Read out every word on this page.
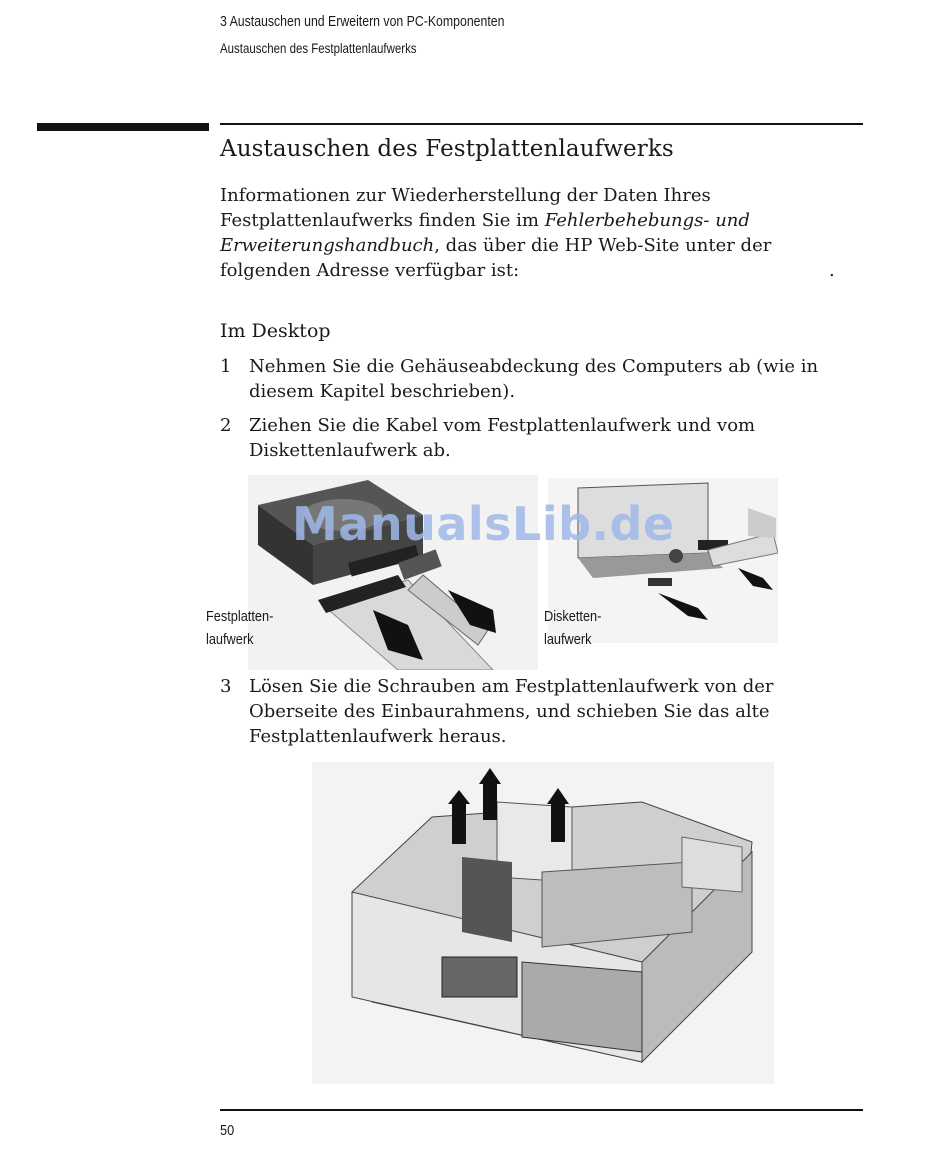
3 Austauschen und Erweitern von PC-Komponenten
Austauschen des Festplattenlaufwerks
Austauschen des Festplattenlaufwerks

Informationen zur Wiederherstellung der Daten Ihres Festplattenlaufwerks finden Sie im Fehlerbehebungs- und Erweiterungshandbuch, das über die HP Web-Site unter der folgenden Adresse verfügbar ist:	.

Im Desktop
1 Nehmen Sie die Gehäuseabdeckung des Computers ab (wie in diesem Kapitel beschrieben).
2 Ziehen Sie die Kabel vom Festplattenlaufwerk und vom Diskettenlaufwerk ab.
ManualsLib.de
Festplatten-
laufwerk
Disketten-
laufwerk
3 Lösen Sie die Schrauben am Festplattenlaufwerk von der Oberseite des Einbaurahmens, und schieben Sie das alte Festplattenlaufwerk heraus.
50
